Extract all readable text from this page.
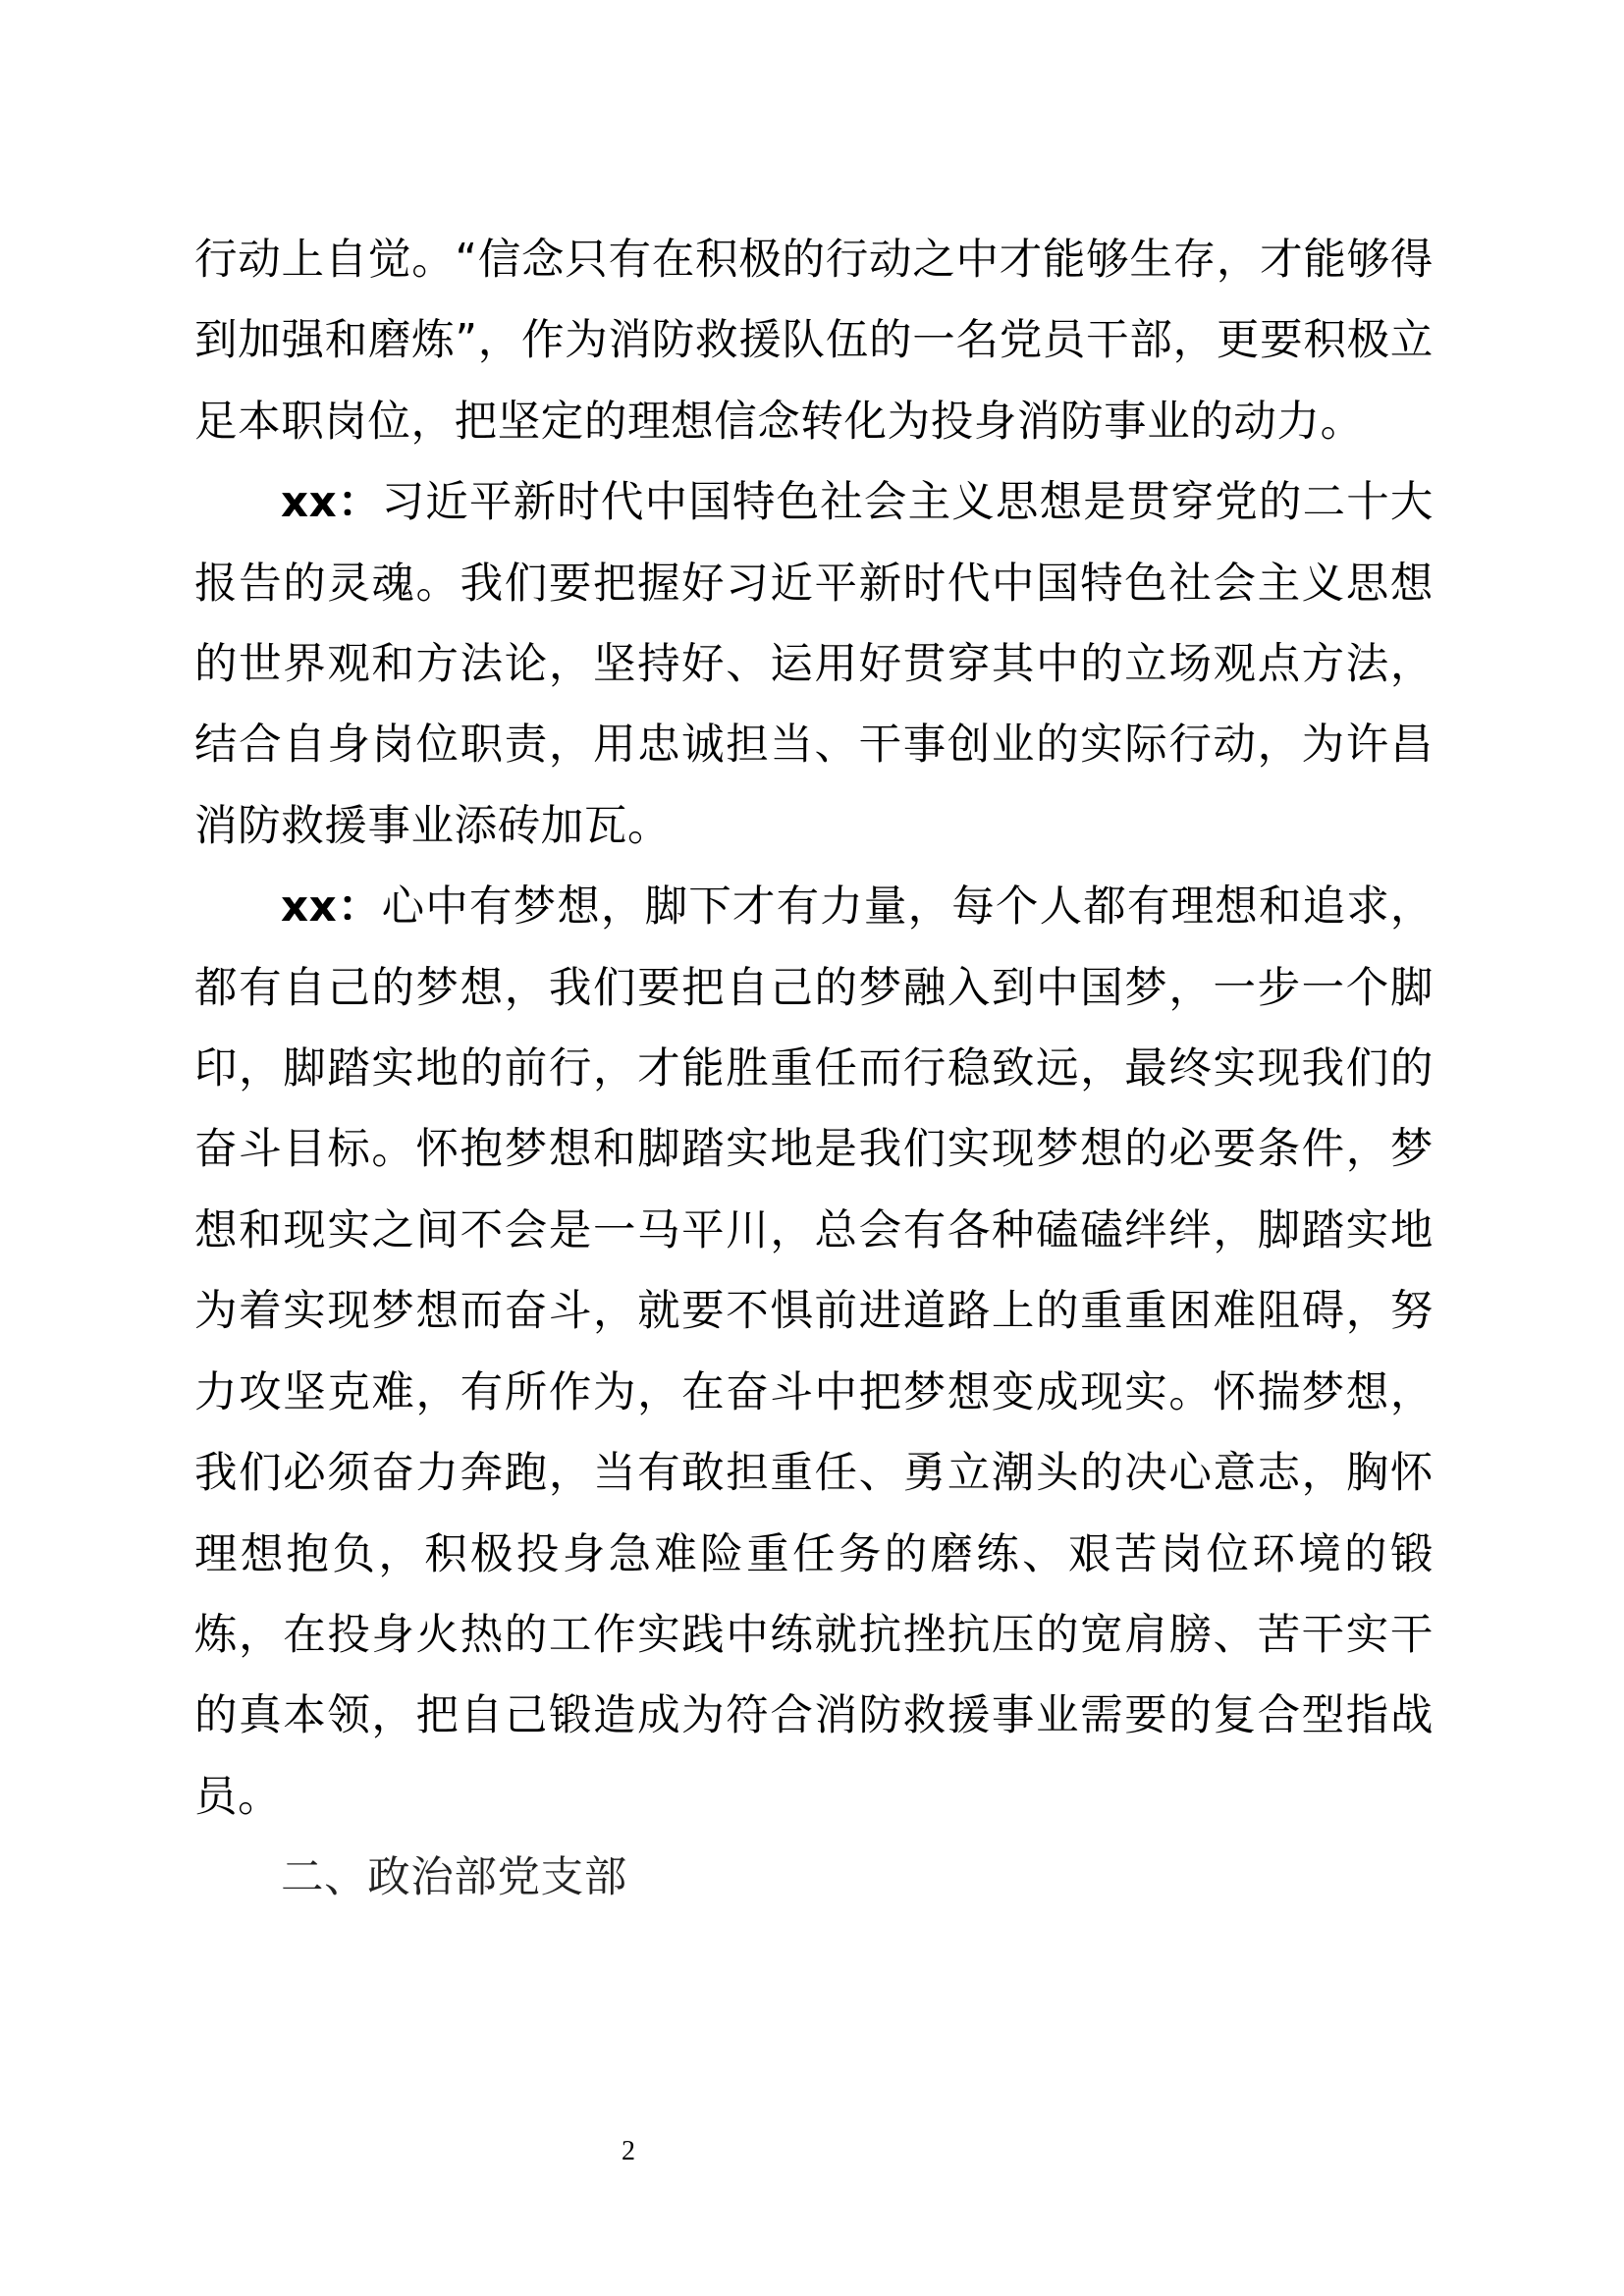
行动上自觉。“信念只有在积极的行动之中才能够生存，才能够得到加强和磨炼”，作为消防救援队伍的一名党员干部，更要积极立足本职岗位，把坚定的理想信念转化为投身消防事业的动力。

xx：习近平新时代中国特色社会主义思想是贯穿党的二十大报告的灵魂。我们要把握好习近平新时代中国特色社会主义思想的世界观和方法论，坚持好、运用好贯穿其中的立场观点方法，结合自身岗位职责，用忠诚担当、干事创业的实际行动，为许昌消防救援事业添砖加瓦。

xx：心中有梦想，脚下才有力量，每个人都有理想和追求，都有自己的梦想，我们要把自己的梦融入到中国梦，一步一个脚印，脚踏实地的前行，才能胜重任而行稳致远，最终实现我们的奋斗目标。怀抱梦想和脚踏实地是我们实现梦想的必要条件，梦想和现实之间不会是一马平川，总会有各种磕磕绊绊，脚踏实地为着实现梦想而奋斗，就要不惧前进道路上的重重困难阻碍，努力攻坚克难，有所作为，在奋斗中把梦想变成现实。怀揣梦想，我们必须奋力奔跑，当有敢担重任、勇立潮头的决心意志，胸怀理想抱负，积极投身急难险重任务的磨练、艰苦岗位环境的锻炼，在投身火热的工作实践中练就抗挫抗压的宽肩膀、苦干实干的真本领，把自己锻造成为符合消防救援事业需要的复合型指战员。

二、政治部党支部

2
